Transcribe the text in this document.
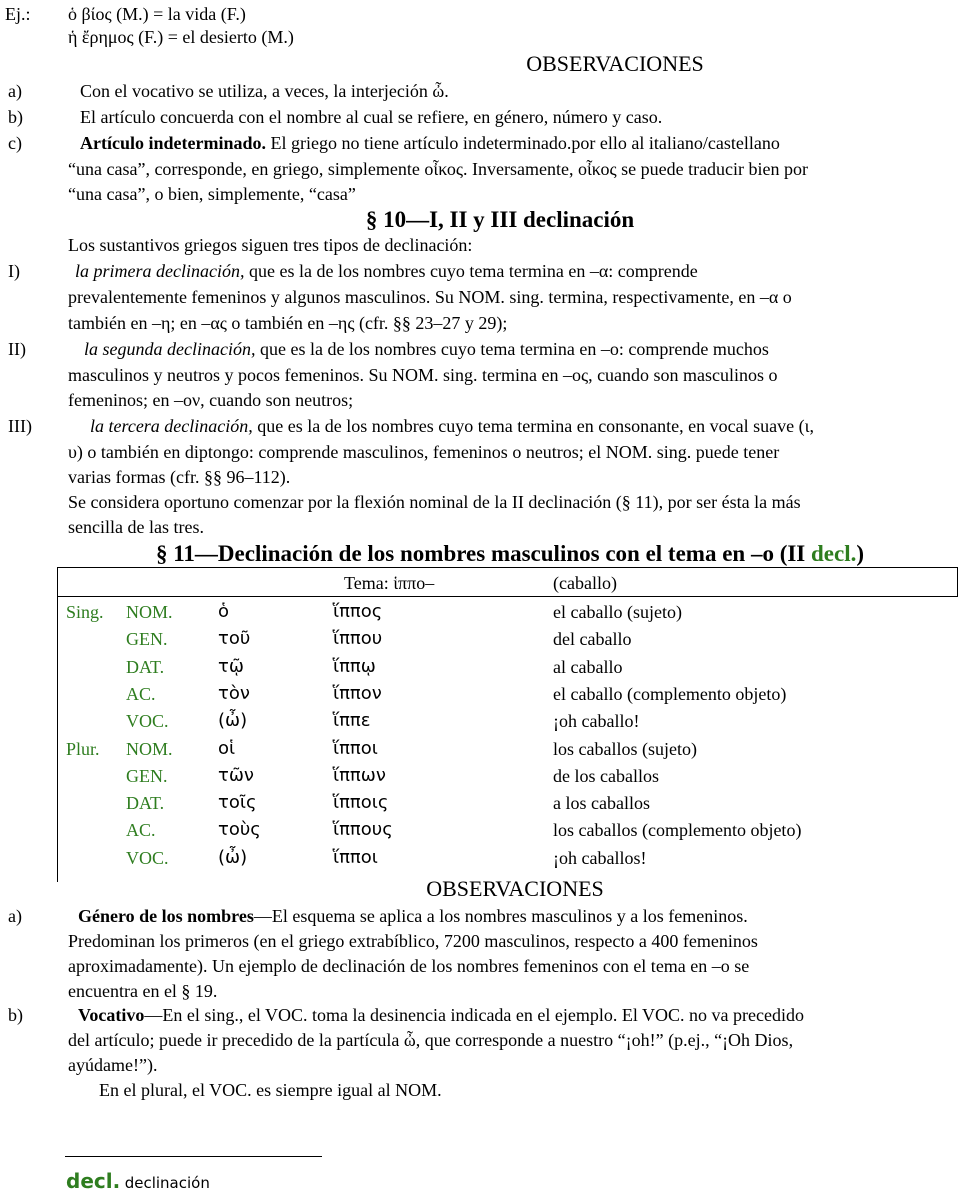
Ej.: ὁ βίος (M.) = la vida (F.)
ἡ ἔρημος (F.) = el desierto (M.)
OBSERVACIONES
a)	Con el vocativo se utiliza, a veces, la interjeción ὦ.
b)	El artículo concuerda con el nombre al cual se refiere, en género, número y caso.
c)	Artículo indeterminado. El griego no tiene artículo indeterminado.por ello al italiano/castellano
“una casa”, corresponde, en griego, simplemente οἶκος. Inversamente, οἶκος se puede traducir bien por
“una casa”, o bien, simplemente, “casa”
§ 10—I, II y III declinación
Los sustantivos griegos siguen tres tipos de declinación:
I)	la primera declinación, que es la de los nombres cuyo tema termina en –α: comprende
prevalentemente femeninos y algunos masculinos. Su NOM. sing. termina, respectivamente, en –α o
también en –η; en –ας o también en –ης (cfr. §§ 23–27 y 29);
II)	la segunda declinación, que es la de los nombres cuyo tema termina en –ο: comprende muchos
masculinos y neutros y pocos femeninos. Su NOM. sing. termina en –ος, cuando son masculinos o
femeninos; en –ον, cuando son neutros;
III)	la tercera declinación, que es la de los nombres cuyo tema termina en consonante, en vocal suave (ι,
υ) o también en diptongo: comprende masculinos, femeninos o neutros; el NOM. sing. puede tener
varias formas (cfr. §§ 96–112).
Se considera oportuno comenzar por la flexión nominal de la II declinación (§ 11), por ser ésta la más
sencilla de las tres.
§ 11—Declinación de los nombres masculinos con el tema en –ο (II decl.)
Tema: ἱππο–	(caballo)
Sing. NOM.	ὁ	ἵππος	el caballo (sujeto)
GEN.	τοῦ	ἵππου	del caballo
DAT.	τῷ	ἵππῳ	al caballo
AC.	τὸν	ἵππον	el caballo (complemento objeto)
VOC.	(ὦ)	ἵππε	¡oh caballo!
Plur. NOM.	οἱ	ἵπποι	los caballos (sujeto)
GEN.	τῶν	ἵππων	de los caballos
DAT.	τοῖς	ἵπποις	a los caballos
AC.	τοὺς	ἵππους	los caballos (complemento objeto)
VOC.	(ὦ)	ἵπποι	¡oh caballos!
OBSERVACIONES
a)	Género de los nombres—El esquema se aplica a los nombres masculinos y a los femeninos.
Predominan los primeros (en el griego extrabíblico, 7200 masculinos, respecto a 400 femeninos
aproximadamente). Un ejemplo de declinación de los nombres femeninos con el tema en –ο se
encuentra en el § 19.
b)	Vocativo—En el sing., el VOC. toma la desinencia indicada en el ejemplo. El VOC. no va precedido
del artículo; puede ir precedido de la partícula ὦ, que corresponde a nuestro “¡oh!” (p.ej., “¡Oh Dios,
ayúdame!”).
En el plural, el VOC. es siempre igual al NOM.
decl. declinación
